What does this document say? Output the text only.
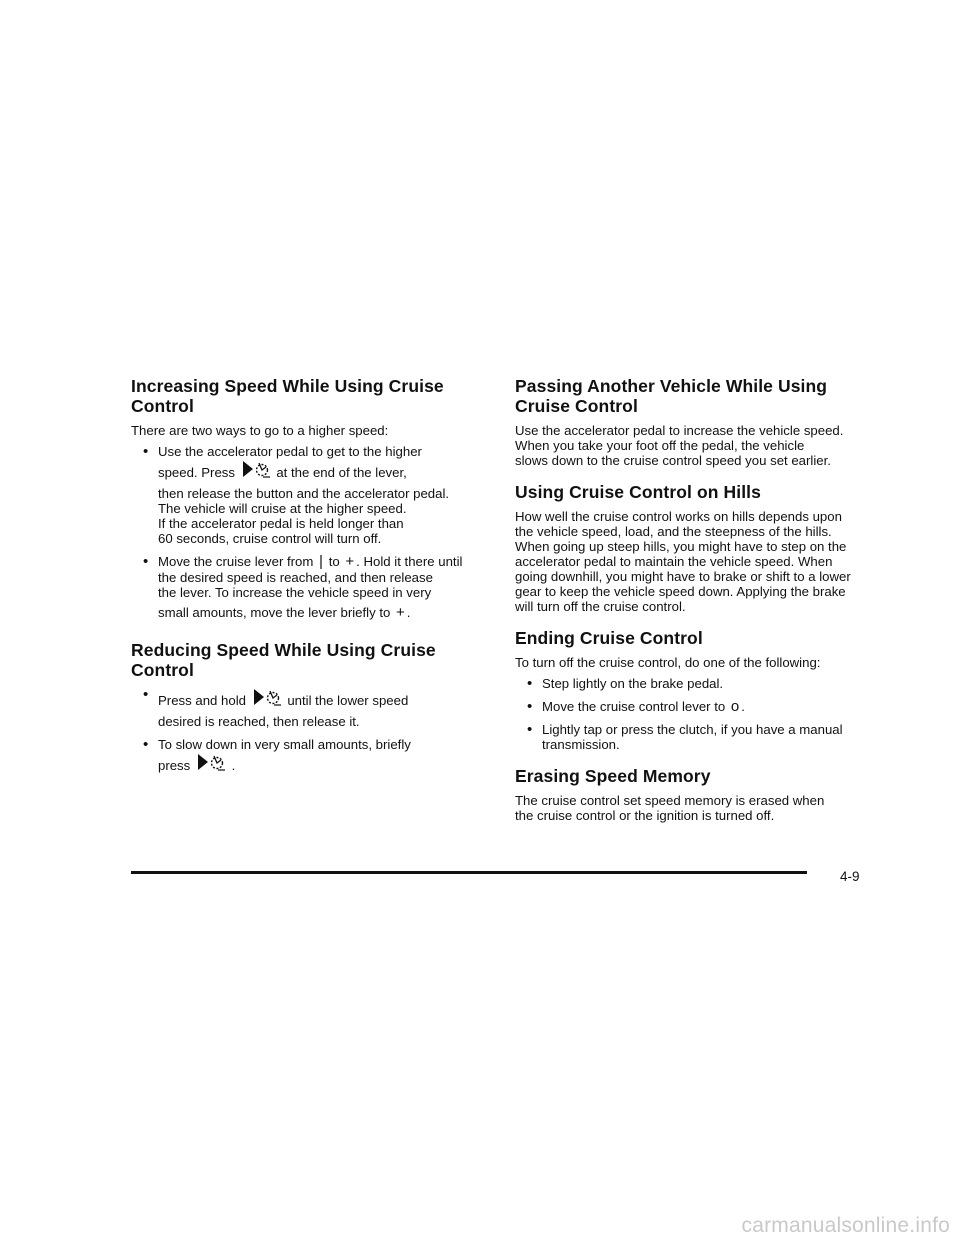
Increasing Speed While Using Cruise Control

There are two ways to go to a higher speed:

• Use the accelerator pedal to get to the higher
speed. Press	at the end of the lever,
then release the button and the accelerator pedal.
The vehicle will cruise at the higher speed.
If the accelerator pedal is held longer than
60 seconds, cruise control will turn off.
• Move the cruise lever from to + . Hold it there until
the desired speed is reached, and then release
the lever. To increase the vehicle speed in very
small amounts, move the lever briefly to + .
Reducing Speed While Using Cruise Control
• Press and hold	until the lower speed
desired is reached, then release it.
• To slow down in very small amounts, briefly
press	.
Passing Another Vehicle While Using Cruise Control

Use the accelerator pedal to increase the vehicle speed.
When you take your foot off the pedal, the vehicle
slows down to the cruise control speed you set earlier.

Using Cruise Control on Hills

How well the cruise control works on hills depends upon
the vehicle speed, load, and the steepness of the hills.
When going up steep hills, you might have to step on the
accelerator pedal to maintain the vehicle speed. When
going downhill, you might have to brake or shift to a lower
gear to keep the vehicle speed down. Applying the brake
will turn off the cruise control.

Ending Cruise Control

To turn off the cruise control, do one of the following:

• Step lightly on the brake pedal.
• Move the cruise control lever to o .
• Lightly tap or press the clutch, if you have a manual
transmission.
Erasing Speed Memory

The cruise control set speed memory is erased when
the cruise control or the ignition is turned off.

4-9
carmanualsonline.info
